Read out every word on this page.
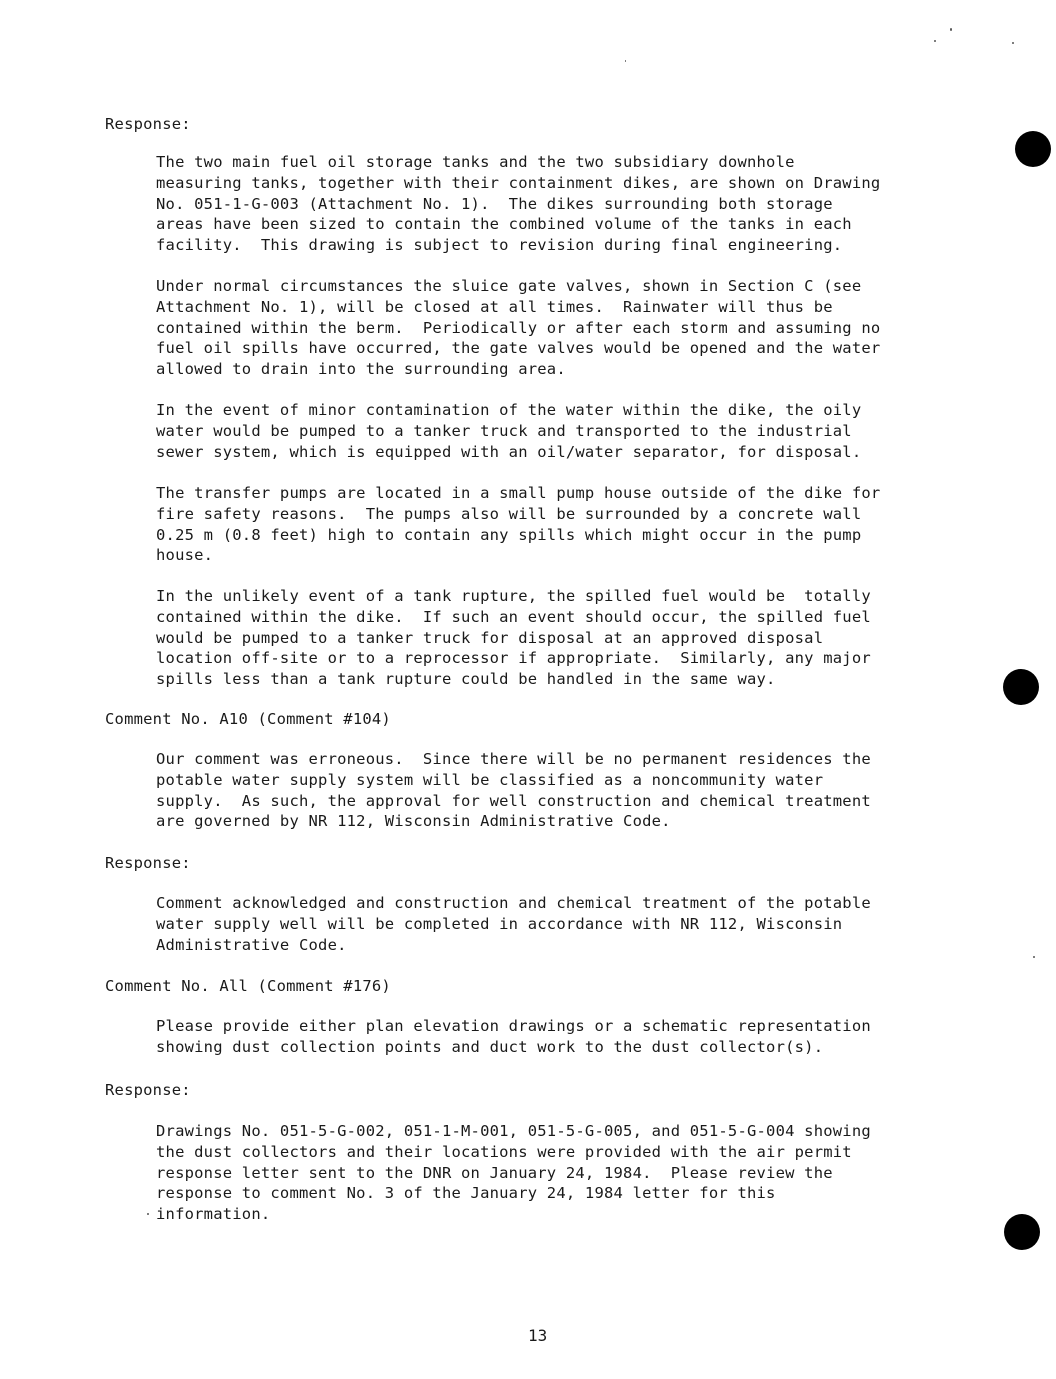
Response:
The two main fuel oil storage tanks and the two subsidiary downhole
measuring tanks, together with their containment dikes, are shown on Drawing
No. 051-1-G-003 (Attachment No. 1).  The dikes surrounding both storage
areas have been sized to contain the combined volume of the tanks in each
facility.  This drawing is subject to revision during final engineering.
Under normal circumstances the sluice gate valves, shown in Section C (see
Attachment No. 1), will be closed at all times.  Rainwater will thus be
contained within the berm.  Periodically or after each storm and assuming no
fuel oil spills have occurred, the gate valves would be opened and the water
allowed to drain into the surrounding area.
In the event of minor contamination of the water within the dike, the oily
water would be pumped to a tanker truck and transported to the industrial
sewer system, which is equipped with an oil/water separator, for disposal.
The transfer pumps are located in a small pump house outside of the dike for
fire safety reasons.  The pumps also will be surrounded by a concrete wall
0.25 m (0.8 feet) high to contain any spills which might occur in the pump
house.
In the unlikely event of a tank rupture, the spilled fuel would be  totally
contained within the dike.  If such an event should occur, the spilled fuel
would be pumped to a tanker truck for disposal at an approved disposal
location off-site or to a reprocessor if appropriate.  Similarly, any major
spills less than a tank rupture could be handled in the same way.
Comment No. A10 (Comment #104)
Our comment was erroneous.  Since there will be no permanent residences the
potable water supply system will be classified as a noncommunity water
supply.  As such, the approval for well construction and chemical treatment
are governed by NR 112, Wisconsin Administrative Code.
Response:
Comment acknowledged and construction and chemical treatment of the potable
water supply well will be completed in accordance with NR 112, Wisconsin
Administrative Code.
Comment No. All (Comment #176)
Please provide either plan elevation drawings or a schematic representation
showing dust collection points and duct work to the dust collector(s).
Response:
Drawings No. 051-5-G-002, 051-1-M-001, 051-5-G-005, and 051-5-G-004 showing
the dust collectors and their locations were provided with the air permit
response letter sent to the DNR on January 24, 1984.  Please review the
response to comment No. 3 of the January 24, 1984 letter for this
information.
13
